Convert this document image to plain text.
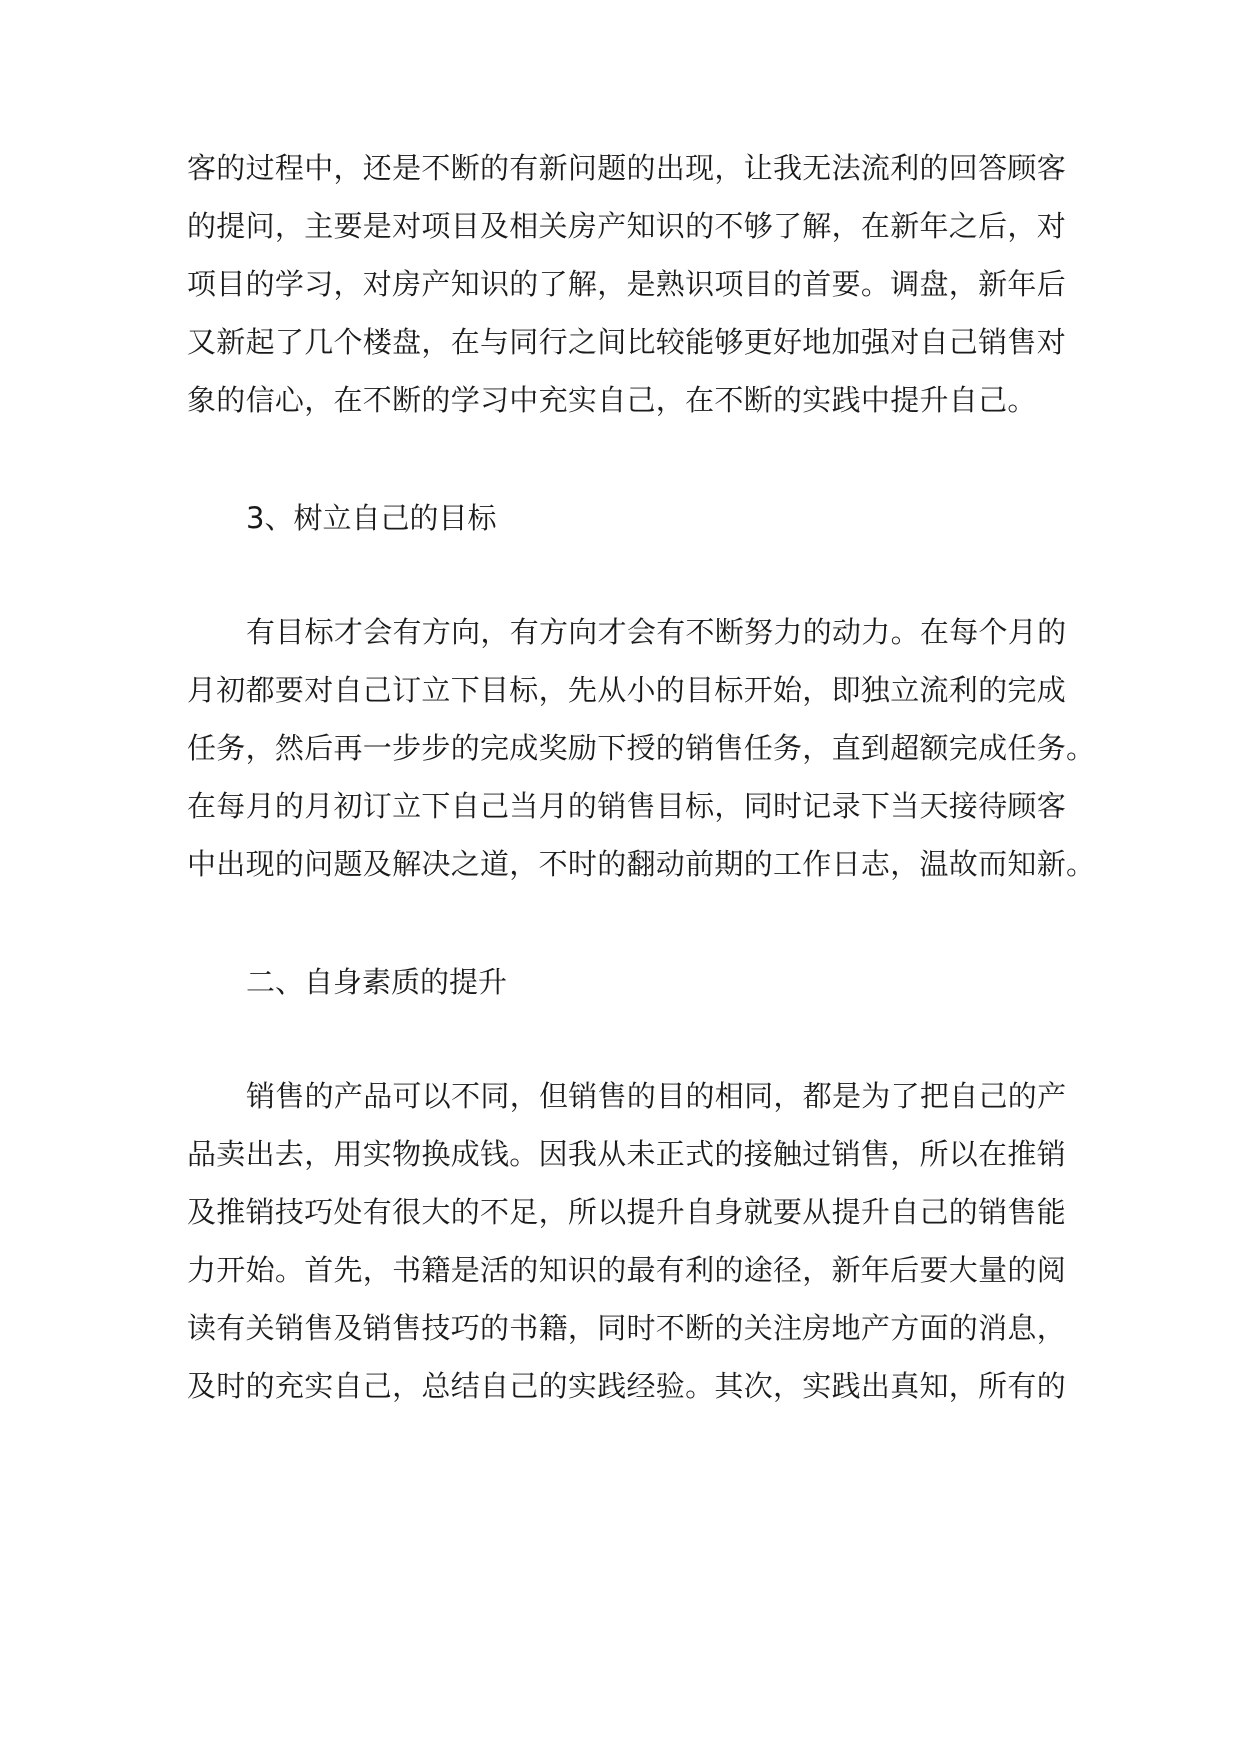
客的过程中，还是不断的有新问题的出现，让我无法流利的回答顾客
的提问，主要是对项目及相关房产知识的不够了解，在新年之后，对
项目的学习，对房产知识的了解，是熟识项目的首要。调盘，新年后
又新起了几个楼盘，在与同行之间比较能够更好地加强对自己销售对
象的信心，在不断的学习中充实自己，在不断的实践中提升自己。
3、树立自己的目标
有目标才会有方向，有方向才会有不断努力的动力。在每个月的
月初都要对自己订立下目标，先从小的目标开始，即独立流利的完成
任务，然后再一步步的完成奖励下授的销售任务，直到超额完成任务。
在每月的月初订立下自己当月的销售目标，同时记录下当天接待顾客
中出现的问题及解决之道，不时的翻动前期的工作日志，温故而知新。
二、自身素质的提升
销售的产品可以不同，但销售的目的相同，都是为了把自己的产
品卖出去，用实物换成钱。因我从未正式的接触过销售，所以在推销
及推销技巧处有很大的不足，所以提升自身就要从提升自己的销售能
力开始。首先，书籍是活的知识的最有利的途径，新年后要大量的阅
读有关销售及销售技巧的书籍，同时不断的关注房地产方面的消息，
及时的充实自己，总结自己的实践经验。其次，实践出真知，所有的
